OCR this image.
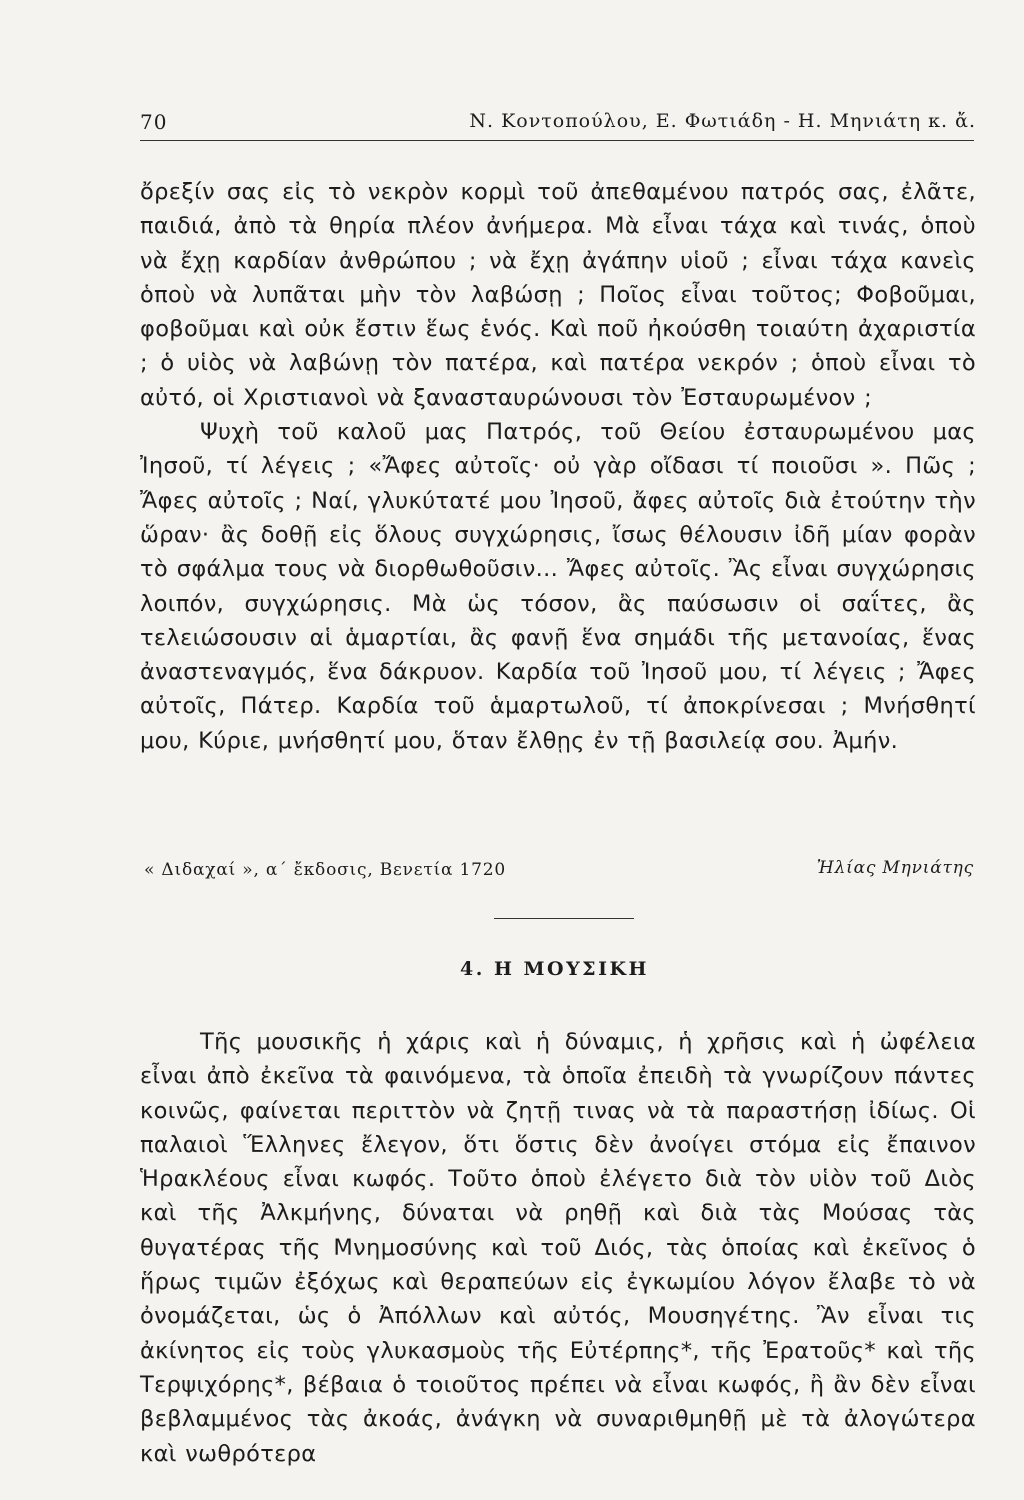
70	Ν. Κοντοπούλου, Ε. Φωτιάδη - Η. Μηνιάτη κ. ἄ.

ὄρεξίν σας εἰς τὸ νεκρὸν κορμὶ τοῦ ἀπεθαμένου πατρός σας, ἐλᾶτε, παιδιά, ἀπὸ τὰ θηρία πλέον ἀνήμερα. Μὰ εἶναι τάχα καὶ τινάς, ὁποὺ νὰ ἔχῃ καρδίαν ἀνθρώπου ; νὰ ἔχῃ ἀγάπην υἱοῦ ; εἶναι τάχα κανεὶς ὁποὺ νὰ λυπᾶται μὴν τὸν λαβώσῃ ; Ποῖος εἶναι τοῦτος; Φοβοῦμαι, φοβοῦμαι καὶ οὐκ ἔστιν ἕως ἑνός. Καὶ ποῦ ἠκούσθη τοιαύτη ἀχαριστία ; ὁ υἱὸς νὰ λαβώνῃ τὸν πατέρα, καὶ πατέρα νεκρόν ; ὁποὺ εἶναι τὸ αὐτό, οἱ Χριστιανοὶ νὰ ξανασταυρώνουσι τὸν Ἐσταυρωμένον ;

Ψυχὴ τοῦ καλοῦ μας Πατρός, τοῦ Θείου ἐσταυρωμένου μας Ἰησοῦ, τί λέγεις ; «Ἄφες αὐτοῖς· οὐ γὰρ οἴδασι τί ποιοῦσι ». Πῶς ; Ἄφες αὐτοῖς ; Ναί, γλυκύτατέ μου Ἰησοῦ, ἄφες αὐτοῖς διὰ ἐτούτην τὴν ὥραν· ἂς δοθῇ εἰς ὅλους συγχώρησις, ἴσως θέλουσιν ἰδῆ μίαν φορὰν τὸ σφάλμα τους νὰ διορθωθοῦσιν... Ἄφες αὐτοῖς. Ἂς εἶναι συγχώρησις λοιπόν, συγχώρησις. Μὰ ὡς τόσον, ἂς παύσωσιν οἱ σαΐτες, ἂς τελειώσουσιν αἱ ἁμαρτίαι, ἂς φανῇ ἕνα σημάδι τῆς μετανοίας, ἕνας ἀναστεναγμός, ἕνα δάκρυον. Καρδία τοῦ Ἰησοῦ μου, τί λέγεις ; Ἄφες αὐτοῖς, Πάτερ. Καρδία τοῦ ἁμαρτωλοῦ, τί ἀποκρίνεσαι ; Μνήσθητί μου, Κύριε, μνήσθητί μου, ὅταν ἔλθῃς ἐν τῇ βασιλείᾳ σου. Ἀμήν.

« Διδαχαί », α΄ ἔκδοσις, Βενετία 1720	Ἠλίας Μηνιάτης
4. Η ΜΟΥΣΙΚΗ
Τῆς μουσικῆς ἡ χάρις καὶ ἡ δύναμις, ἡ χρῆσις καὶ ἡ ὠφέλεια εἶναι ἀπὸ ἐκεῖνα τὰ φαινόμενα, τὰ ὁποῖα ἐπειδὴ τὰ γνωρίζουν πάντες κοινῶς, φαίνεται περιττὸν νὰ ζητῇ τινας νὰ τὰ παραστήσῃ ἰδίως. Οἱ παλαιοὶ Ἕλληνες ἔλεγον, ὅτι ὅστις δὲν ἀνοίγει στόμα εἰς ἔπαινον Ἡρακλέους εἶναι κωφός. Τοῦτο ὁποὺ ἐλέγετο διὰ τὸν υἱὸν τοῦ Διὸς καὶ τῆς Ἀλκμήνης, δύναται νὰ ρηθῇ καὶ διὰ τὰς Μούσας τὰς θυγατέρας τῆς Μνημοσύνης καὶ τοῦ Διός, τὰς ὁποίας καὶ ἐκεῖνος ὁ ἥρως τιμῶν ἐξόχως καὶ θεραπεύων εἰς ἐγκωμίου λόγον ἔλαβε τὸ νὰ ὀνομάζεται, ὡς ὁ Ἀπόλλων καὶ αὐτός, Μουσηγέτης. Ἂν εἶναι τις ἀκίνητος εἰς τοὺς γλυκασμοὺς τῆς Εὐτέρπης*, τῆς Ἐρατοῦς* καὶ τῆς Τερψιχόρης*, βέβαια ὁ τοιοῦτος πρέπει νὰ εἶναι κωφός, ἢ ἂν δὲν εἶναι βεβλαμμένος τὰς ἀκοάς, ἀνάγκη νὰ συναριθμηθῇ μὲ τὰ ἀλογώτερα καὶ νωθρότερα
